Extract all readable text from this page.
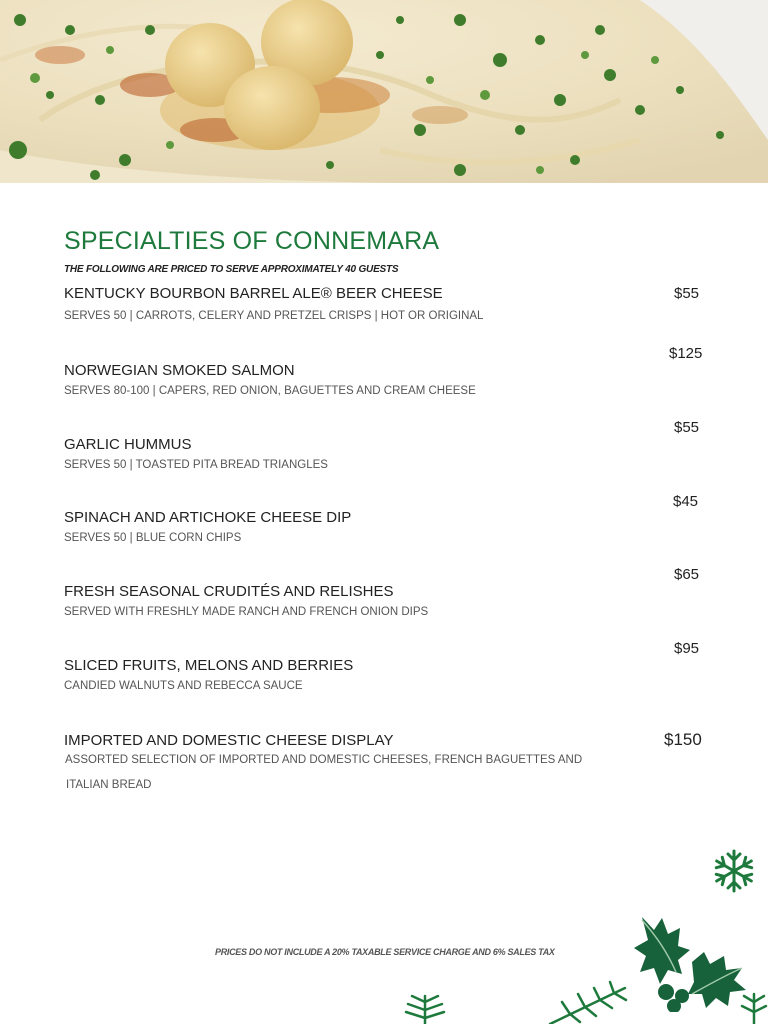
SPECIALTIES OF CONNEMARA
THE FOLLOWING ARE PRICED TO SERVE APPROXIMATELY 40 GUESTS
KENTUCKY BOURBON BARREL ALE® BEER CHEESE
SERVES 50 | CARROTS, CELERY AND PRETZEL CRISPS | HOT OR ORIGINAL
$55
NORWEGIAN SMOKED SALMON
SERVES 80-100 | CAPERS, RED ONION, BAGUETTES AND CREAM CHEESE
$125
GARLIC HUMMUS
SERVES 50 | TOASTED PITA BREAD TRIANGLES
$55
SPINACH AND ARTICHOKE CHEESE DIP
SERVES 50 | BLUE CORN CHIPS
$45
FRESH SEASONAL CRUDITÉS AND RELISHES
SERVED WITH FRESHLY MADE RANCH AND FRENCH ONION DIPS
$65
SLICED FRUITS, MELONS AND BERRIES
CANDIED WALNUTS AND REBECCA SAUCE
$95
IMPORTED AND DOMESTIC CHEESE DISPLAY
ASSORTED SELECTION OF IMPORTED AND DOMESTIC CHEESES, FRENCH BAGUETTES AND
ITALIAN BREAD
$150
PRICES DO NOT INCLUDE A 20% TAXABLE SERVICE CHARGE AND 6% SALES TAX
